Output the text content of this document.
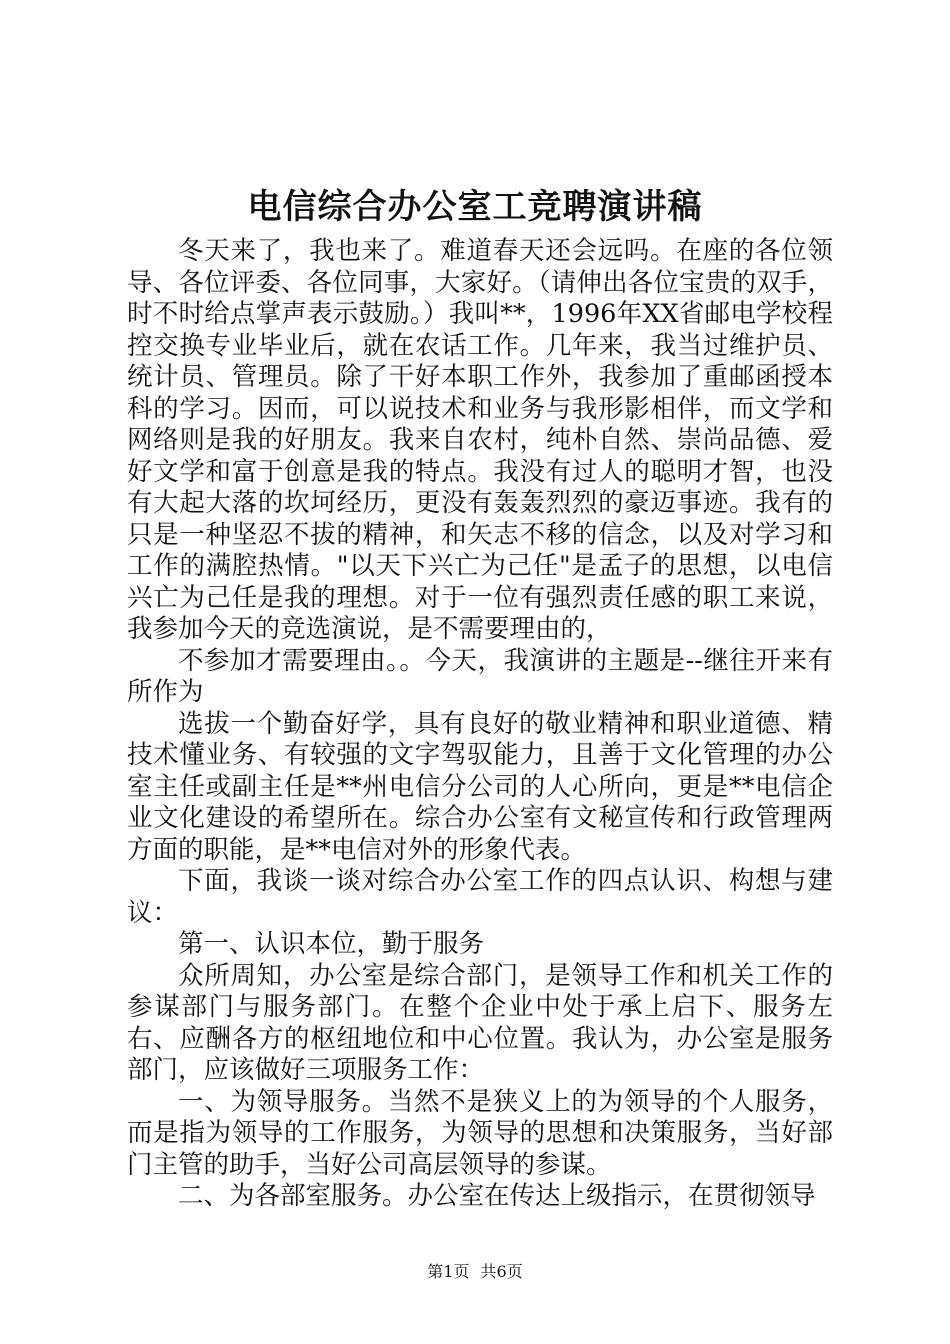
电信综合办公室工竞聘演讲稿

冬天来了，我也来了。难道春天还会远吗。在座的各位领导、各位评委、各位同事，大家好。（请伸出各位宝贵的双手，时不时给点掌声表示鼓励。）我叫**，1996年XX省邮电学校程控交换专业毕业后，就在农话工作。几年来，我当过维护员、统计员、管理员。除了干好本职工作外，我参加了重邮函授本科的学习。因而，可以说技术和业务与我形影相伴，而文学和网络则是我的好朋友。我来自农村，纯朴自然、崇尚品德、爱好文学和富于创意是我的特点。我没有过人的聪明才智，也没有大起大落的坎坷经历，更没有轰轰烈烈的豪迈事迹。我有的只是一种坚忍不拔的精神，和矢志不移的信念，以及对学习和工作的满腔热情。"以天下兴亡为己任"是孟子的思想，以电信兴亡为己任是我的理想。对于一位有强烈责任感的职工来说，我参加今天的竞选演说，是不需要理由的，

不参加才需要理由。。今天，我演讲的主题是--继往开来有所作为

选拔一个勤奋好学，具有良好的敬业精神和职业道德、精技术懂业务、有较强的文字驾驭能力，且善于文化管理的办公室主任或副主任是**州电信分公司的人心所向，更是**电信企业文化建设的希望所在。综合办公室有文秘宣传和行政管理两方面的职能，是**电信对外的形象代表。

下面，我谈一谈对综合办公室工作的四点认识、构想与建议：

第一、认识本位，勤于服务

众所周知，办公室是综合部门，是领导工作和机关工作的参谋部门与服务部门。在整个企业中处于承上启下、服务左右、应酬各方的枢纽地位和中心位置。我认为，办公室是服务部门，应该做好三项服务工作：

一、为领导服务。当然不是狭义上的为领导的个人服务，而是指为领导的工作服务，为领导的思想和决策服务，当好部门主管的助手，当好公司高层领导的参谋。

二、为各部室服务。办公室在传达上级指示，在贯彻领导

第1页 共6页
